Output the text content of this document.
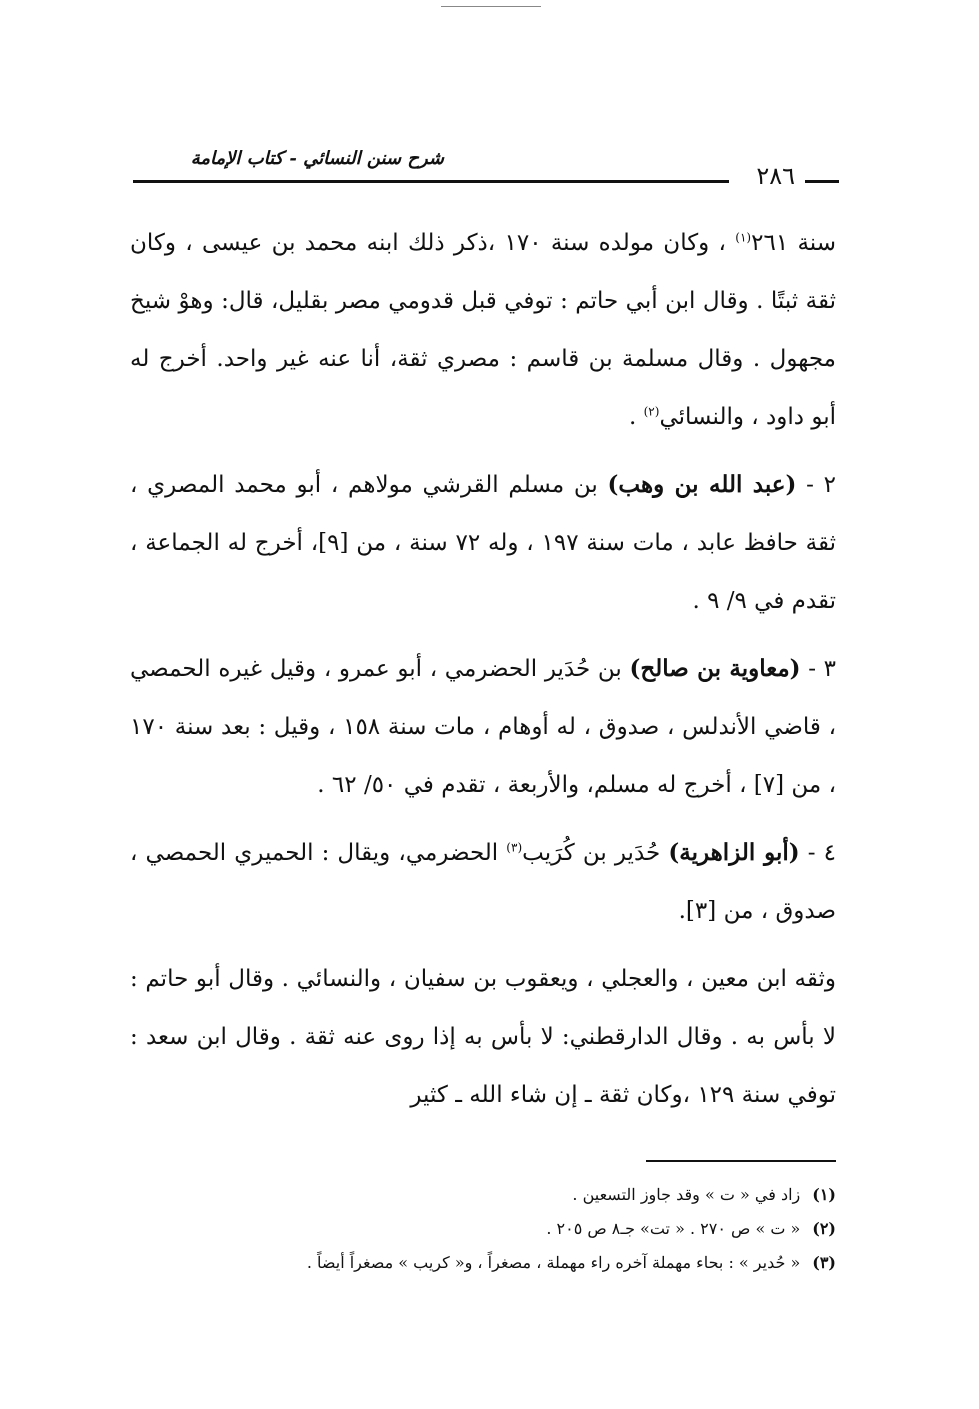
شرح سنن النسائي - كتاب الإمامة
٢٨٦

سنة ٢٦١$^{(١)}$ ، وكان مولده سنة ١٧٠ ،ذكر ذلك ابنه محمد بن عيسى ، وكان ثقة ثبتًا . وقال ابن أبي حاتم : توفي قبل قدومي مصر بقليل، قال: وهوْ شيخ مجهول . وقال مسلمة بن قاسم : مصري ثقة، أنا عنه غير واحد. أخرج له أبو داود ، والنسائي$^{(٢)}$ .

٢ - (عبد الله بن وهب) بن مسلم القرشي مولاهم ، أبو محمد المصري ، ثقة حافظ عابد ، مات سنة ١٩٧ ، وله ٧٢ سنة ، من [٩]، أخرج له الجماعة ، تقدم في ٩/ ٩ .

٣ - (معاوية بن صالح) بن حُدَير الحضرمي ، أبو عمرو ، وقيل غيره الحمصي ، قاضي الأندلس ، صدوق ، له أوهام ، مات سنة ١٥٨ ، وقيل : بعد سنة ١٧٠ ، من [٧] ، أخرج له مسلم، والأربعة ، تقدم في ٥٠/ ٦٢ .

٤ - (أبو الزاهرية) حُدَير بن كُرَيب$^{(٣)}$ الحضرمي، ويقال : الحميري الحمصي ، صدوق ، من [٣].

وثقه ابن معين ، والعجلي ، ويعقوب بن سفيان ، والنسائي . وقال أبو حاتم : لا بأس به . وقال الدارقطني: لا بأس به إذا روى عنه ثقة . وقال ابن سعد : توفي سنة ١٢٩ ،وكان ثقة ـ إن شاء الله ـ كثير

(١)زاد في « ت » وقد جاوز التسعين .

(٢)« ت » ص ٢٧٠ . « تت» جـ٨ ص ٢٠٥ .

(٣)« حُدير » : بحاء مهملة آخره راء مهملة ، مصغراً ، و« كريب » مصغراً أيضاً .
